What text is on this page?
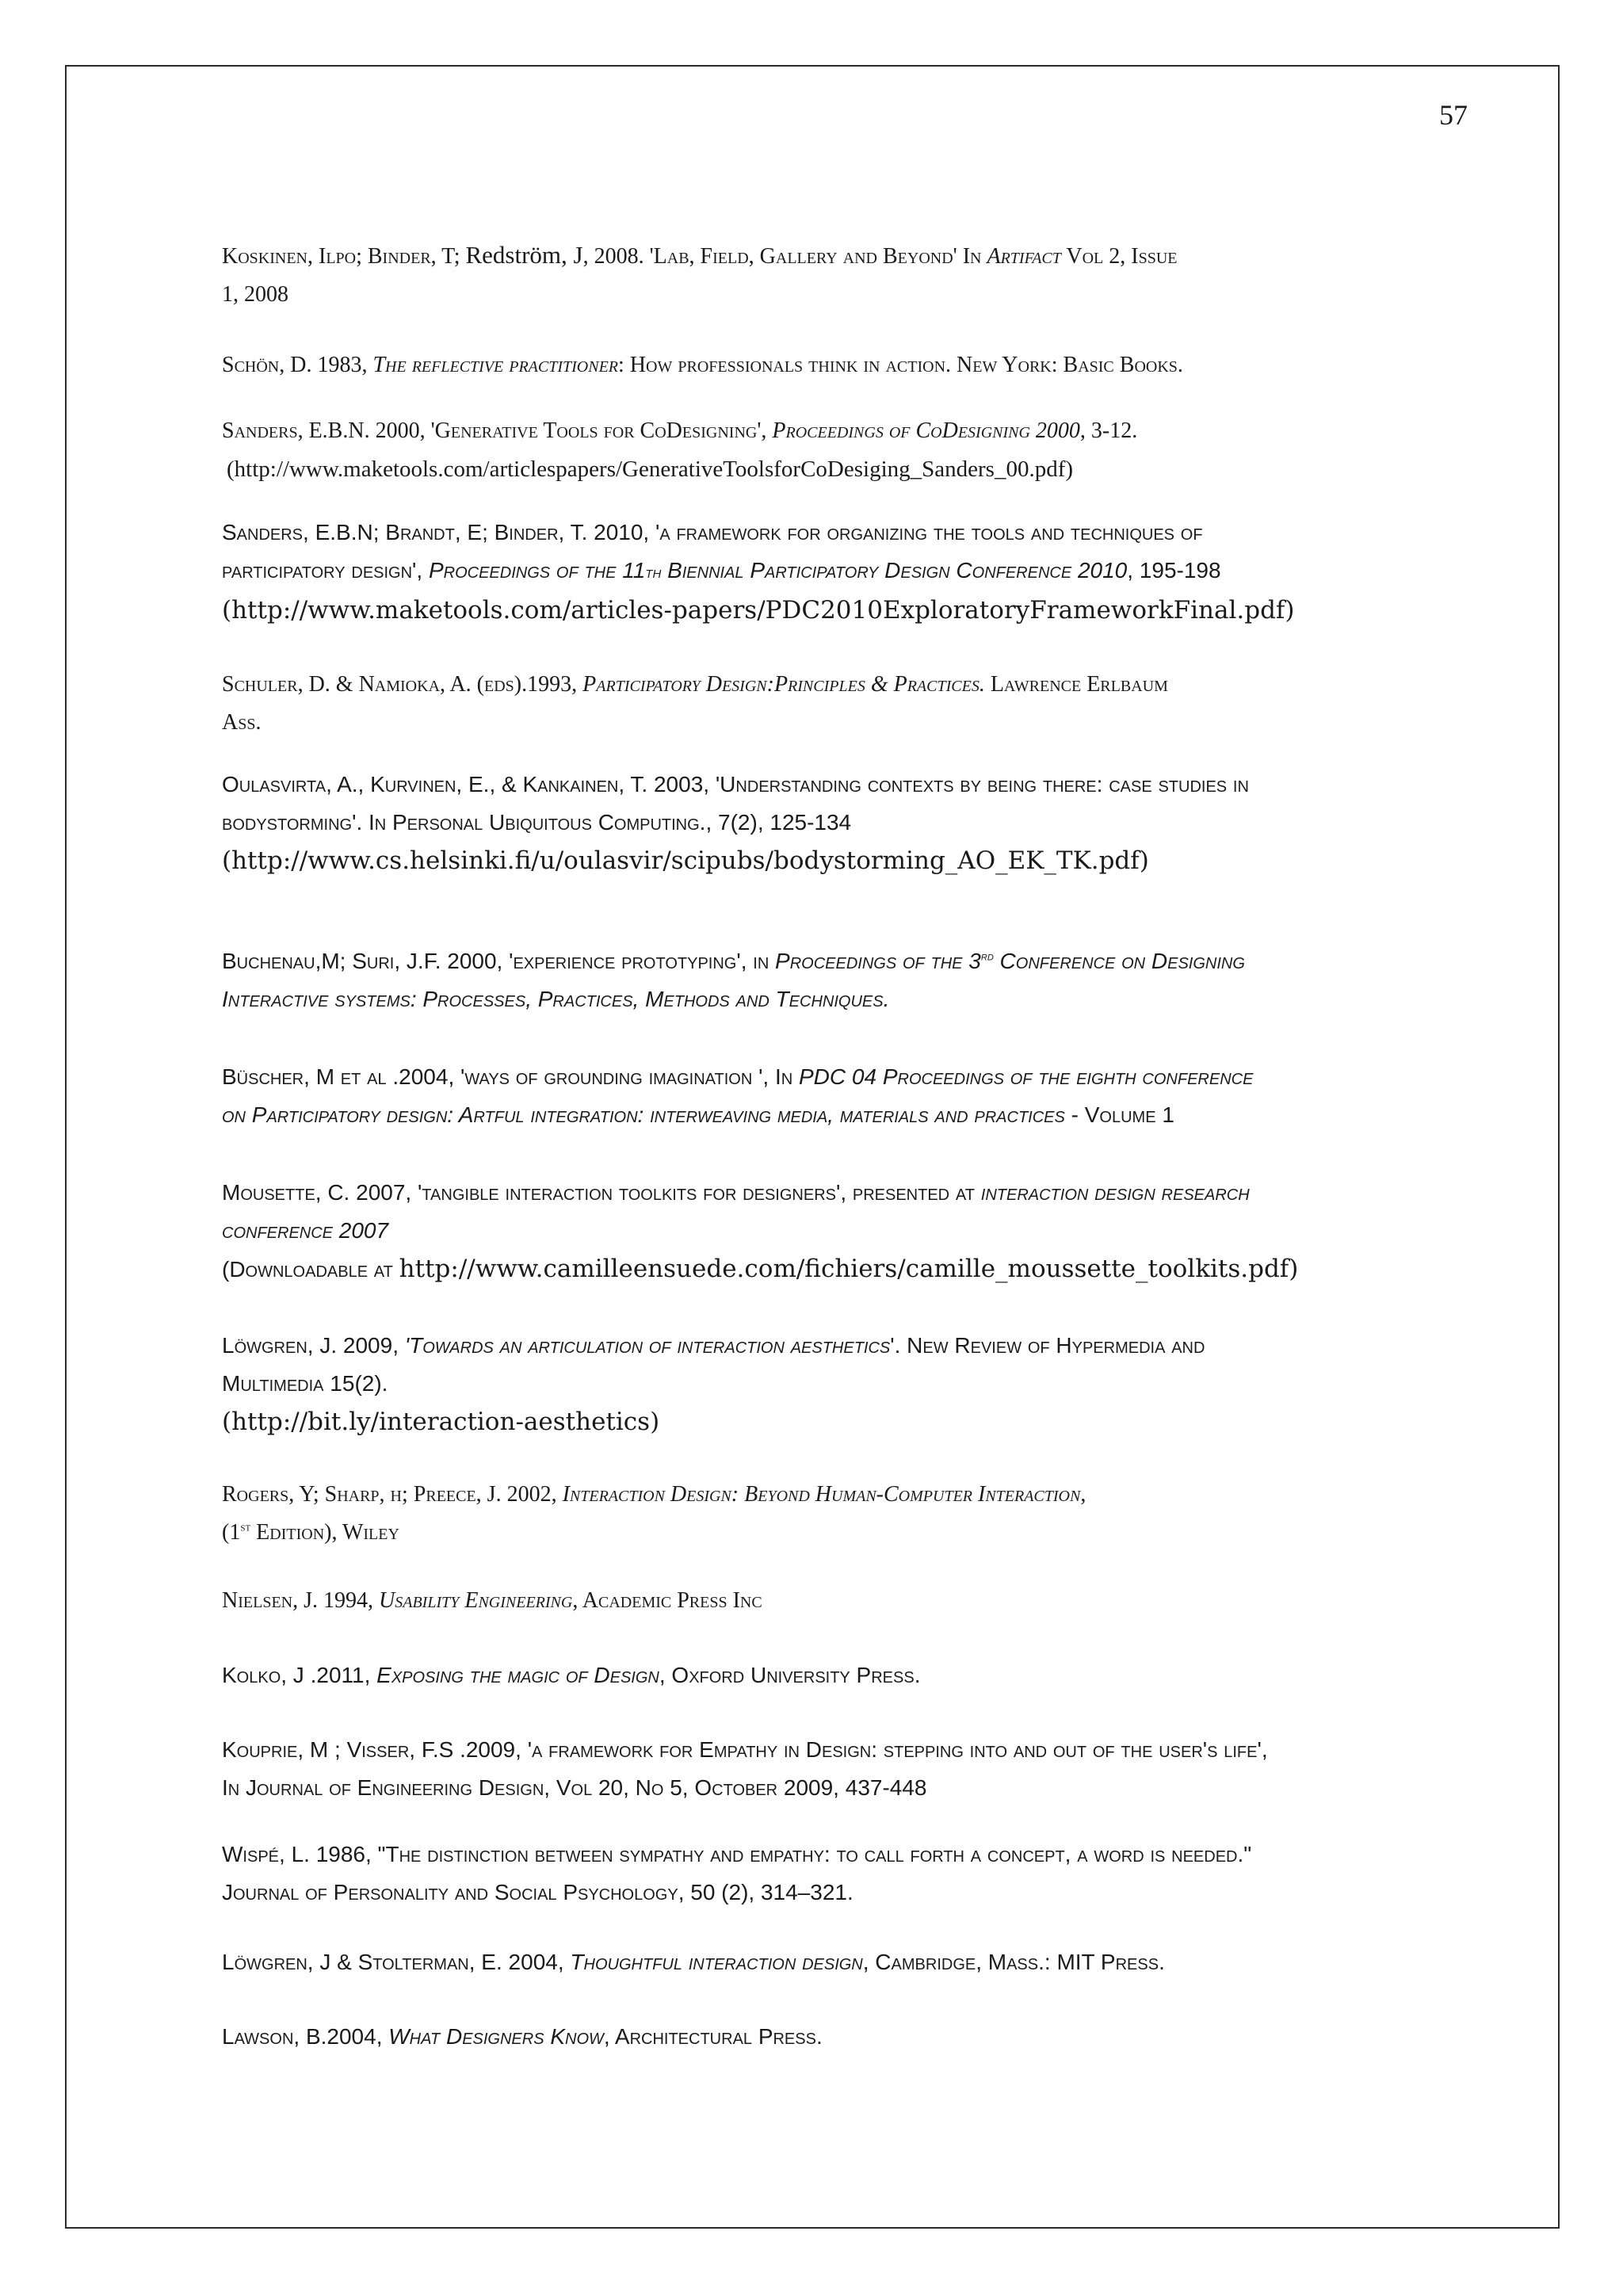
57
Koskinen, Ilpo; Binder, T; Redström, J, 2008. 'Lab, Field, Gallery and Beyond' In Artifact Vol 2, Issue
1, 2008
Schön, D. 1983, The reflective practitioner: How professionals think in action. New York: Basic Books.
Sanders, E.B.N. 2000, 'Generative Tools for CoDesigning', Proceedings of CoDesigning 2000, 3-12.
(http://www.maketools.com/articlespapers/GenerativeToolsforCoDesiging_Sanders_00.pdf)
Sanders, E.B.N; Brandt, E; Binder, T. 2010, 'a framework for organizing the tools and techniques of
participatory design', Proceedings of the 11th Biennial Participatory Design Conference 2010, 195-198
(http://www.maketools.com/articles-papers/PDC2010ExploratoryFrameworkFinal.pdf)
Schuler, D. & Namioka, A. (eds).1993, Participatory Design:Principles & Practices. Lawrence Erlbaum
Ass.
Oulasvirta, A., Kurvinen, E., & Kankainen, T. 2003, 'Understanding contexts by being there: case studies in
bodystorming'. In Personal Ubiquitous Computing., 7(2), 125-134
(http://www.cs.helsinki.fi/u/oulasvir/scipubs/bodystorming_AO_EK_TK.pdf)
Buchenau,M; Suri, J.F. 2000, 'experience prototyping', in Proceedings of the 3rd Conference on Designing
Interactive systems: Processes, Practices, Methods and Techniques.
Büscher, M et al .2004, 'ways of grounding imagination ', In PDC 04 Proceedings of the eighth conference
on Participatory design: Artful integration: interweaving media, materials and practices - Volume 1
Mousette, C. 2007, 'tangible interaction toolkits for designers', presented at interaction design research
conference 2007
(Downloadable at http://www.camilleensuede.com/fichiers/camille_moussette_toolkits.pdf)
Löwgren, J. 2009, 'Towards an articulation of interaction aesthetics'. New Review of Hypermedia and
Multimedia 15(2).
(http://bit.ly/interaction-aesthetics)
Rogers, Y; Sharp, h; Preece, J. 2002, Interaction Design: Beyond Human-Computer Interaction,
(1st Edition), Wiley
Nielsen, J. 1994, Usability Engineering, Academic Press Inc
Kolko, J .2011, Exposing the magic of Design, Oxford University Press.
Kouprie, M ; Visser, F.S .2009, 'a framework for Empathy in Design: stepping into and out of the user's life',
In Journal of Engineering Design, Vol 20, No 5, October 2009, 437-448
Wispé, L. 1986, "The distinction between sympathy and empathy: to call forth a concept, a word is needed."
Journal of Personality and Social Psychology, 50 (2), 314–321.
Löwgren, J & Stolterman, E. 2004, Thoughtful interaction design, Cambridge, Mass.: MIT Press.
Lawson, B.2004, What Designers Know, Architectural Press.
